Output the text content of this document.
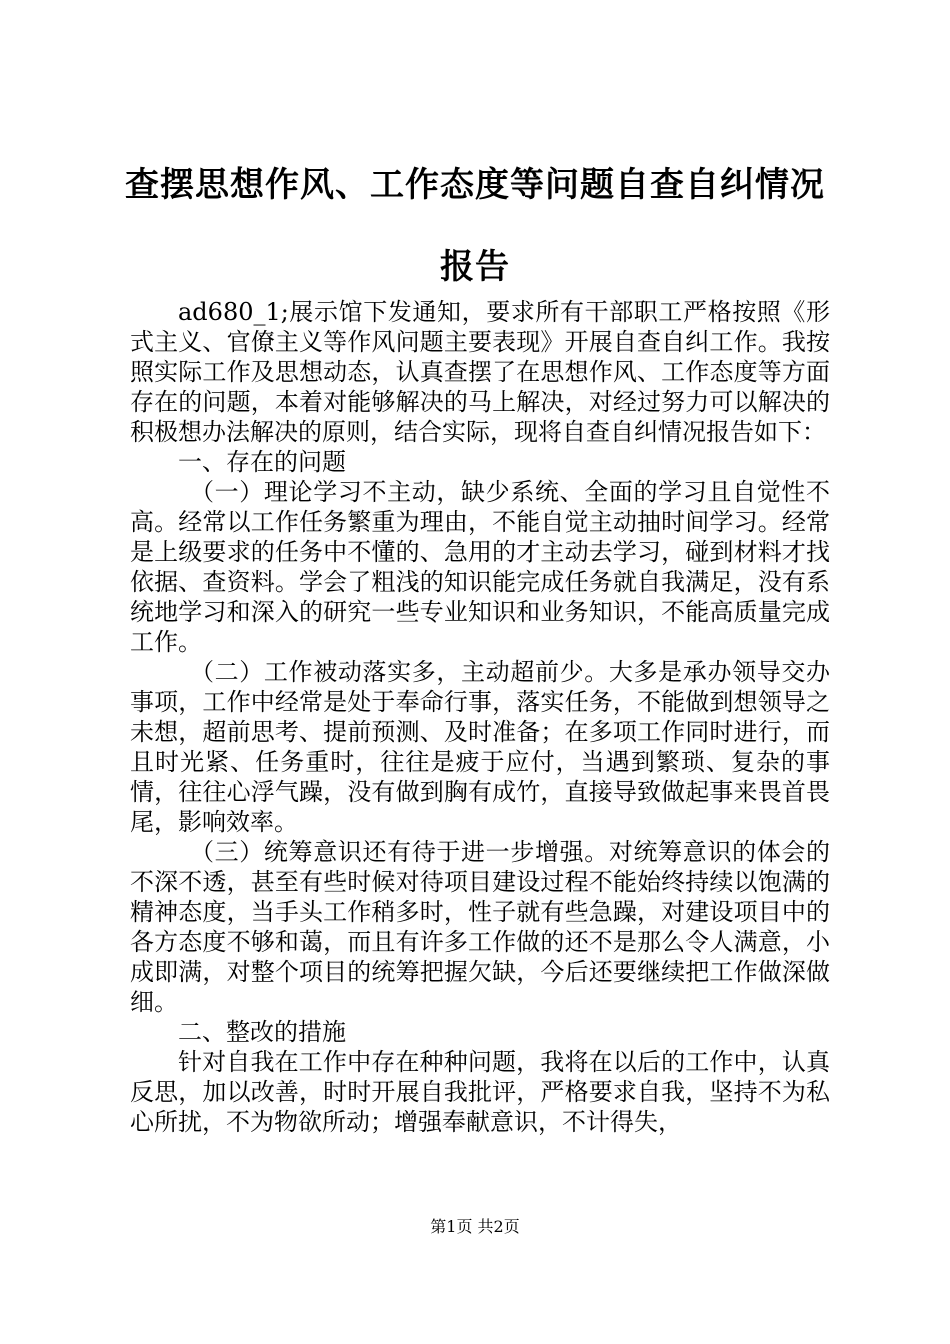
查摆思想作风、工作态度等问题自查自纠情况
报告

ad680_1;展示馆下发通知，要求所有干部职工严格按照《形式主义、官僚主义等作风问题主要表现》开展自查自纠工作。我按照实际工作及思想动态，认真查摆了在思想作风、工作态度等方面存在的问题，本着对能够解决的马上解决，对经过努力可以解决的积极想办法解决的原则，结合实际，现将自查自纠情况报告如下：

一、存在的问题

（一）理论学习不主动，缺少系统、全面的学习且自觉性不高。经常以工作任务繁重为理由，不能自觉主动抽时间学习。经常是上级要求的任务中不懂的、急用的才主动去学习，碰到材料才找依据、查资料。学会了粗浅的知识能完成任务就自我满足，没有系统地学习和深入的研究一些专业知识和业务知识，不能高质量完成工作。

（二）工作被动落实多，主动超前少。大多是承办领导交办事项，工作中经常是处于奉命行事，落实任务，不能做到想领导之未想，超前思考、提前预测、及时准备；在多项工作同时进行，而且时光紧、任务重时，往往是疲于应付，当遇到繁琐、复杂的事情，往往心浮气躁，没有做到胸有成竹，直接导致做起事来畏首畏尾，影响效率。

（三）统筹意识还有待于进一步增强。对统筹意识的体会的不深不透，甚至有些时候对待项目建设过程不能始终持续以饱满的精神态度，当手头工作稍多时，性子就有些急躁，对建设项目中的各方态度不够和蔼，而且有许多工作做的还不是那么令人满意，小成即满，对整个项目的统筹把握欠缺，今后还要继续把工作做深做细。

二、整改的措施

针对自我在工作中存在种种问题，我将在以后的工作中，认真反思，加以改善，时时开展自我批评，严格要求自我，坚持不为私心所扰，不为物欲所动；增强奉献意识，不计得失，

第1页 共2页
